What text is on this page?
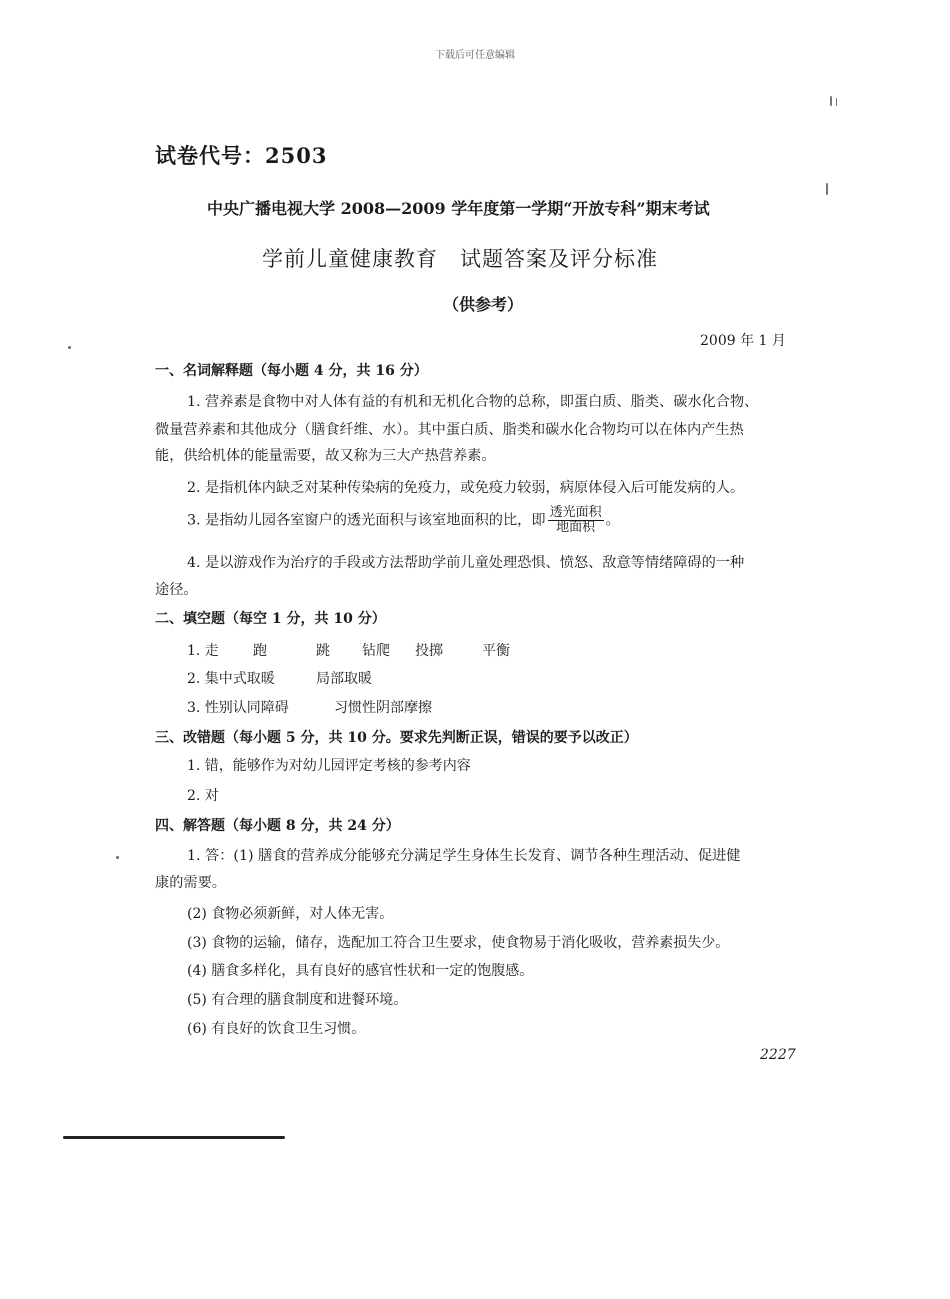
下载后可任意编辑
试卷代号：2503
中央广播电视大学 2008—2009 学年度第一学期“开放专科”期末考试
学前儿童健康教育　试题答案及评分标准
（供参考）
2009 年 1 月
一、名词解释题（每小题 4 分，共 16 分）
1. 营养素是食物中对人体有益的有机和无机化合物的总称，即蛋白质、脂类、碳水化合物、
微量营养素和其他成分（膳食纤维、水）。其中蛋白质、脂类和碳水化合物均可以在体内产生热
能，供给机体的能量需要，故又称为三大产热营养素。
2. 是指机体内缺乏对某种传染病的免疫力，或免疫力较弱，病原体侵入后可能发病的人。
3. 是指幼儿园各室窗户的透光面积与该室地面积的比，即 $\frac{\text{透光面积}}{\text{地面积}}$ 。
4. 是以游戏作为治疗的手段或方法帮助学前儿童处理恐惧、愤怒、敌意等情绪障碍的一种
途径。
二、填空题（每空 1 分，共 10 分）
1. 走 跑	跳 钻爬 投掷	平衡
2. 集中式取暖	局部取暖
3. 性别认同障碍	习惯性阴部摩擦
三、改错题（每小题 5 分，共 10 分。要求先判断正误，错误的要予以改正）
1. 错，能够作为对幼儿园评定考核的参考内容
2. 对
四、解答题（每小题 8 分，共 24 分）
1. 答：(1) 膳食的营养成分能够充分满足学生身体生长发育、调节各种生理活动、促进健
康的需要。
(2) 食物必须新鲜，对人体无害。
(3) 食物的运输，储存，选配加工符合卫生要求，使食物易于消化吸收，营养素损失少。
(4) 膳食多样化，具有良好的感官性状和一定的饱腹感。
(5) 有合理的膳食制度和进餐环境。
(6) 有良好的饮食卫生习惯。
2227
